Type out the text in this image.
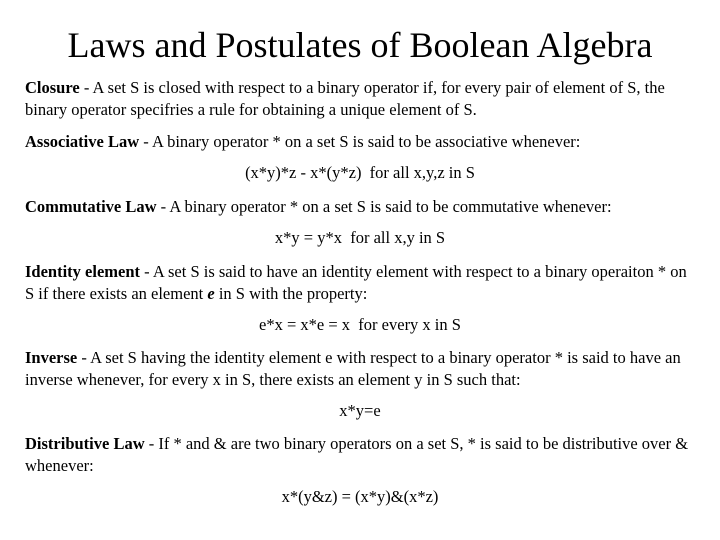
Laws and Postulates of Boolean Algebra
Closure - A set S is closed with respect to a binary operator if, for every pair of element of S, the binary operator specifries a rule for obtaining a unique element of S.
Associative Law - A binary operator * on a set S is said to be associative whenever:
(x*y)*z - x*(y*z)  for all x,y,z in S
Commutative Law - A binary operator * on a set S is said to be commutative whenever:
x*y = y*x  for all x,y in S
Identity element - A set S is said to have an identity element with respect to a binary operaiton * on S if there exists an element e in S with the property:
e*x = x*e = x  for every x in S
Inverse - A set S having the identity element e with respect to a binary operator * is said to have an inverse whenever, for every x in S, there exists an element y in S such that:
x*y=e
Distributive Law - If * and & are two binary operators on a set S, * is said to be distributive over & whenever:
x*(y&z) = (x*y)&(x*z)
